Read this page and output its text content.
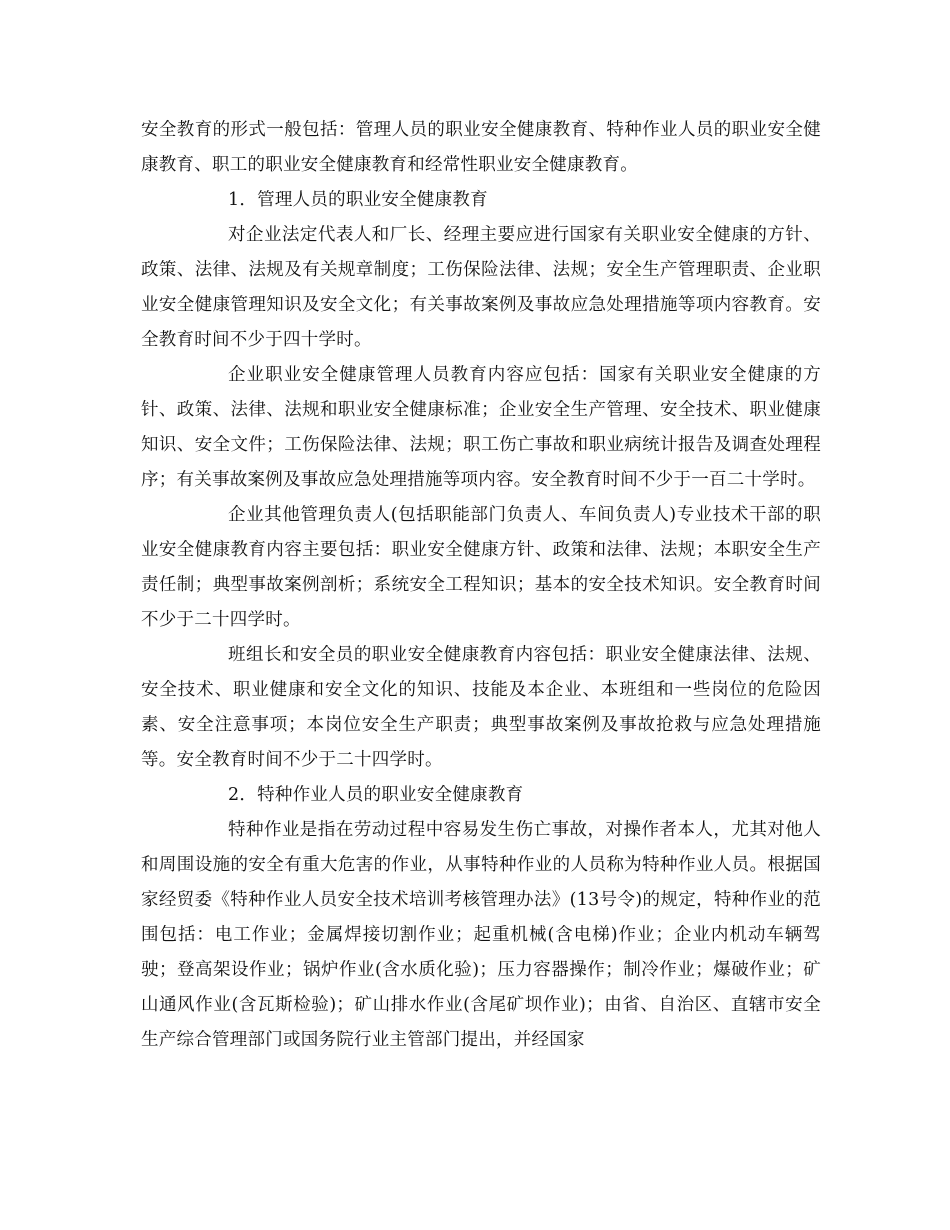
安全教育的形式一般包括：管理人员的职业安全健康教育、特种作业人员的职业安全健康教育、职工的职业安全健康教育和经常性职业安全健康教育。

1．管理人员的职业安全健康教育

对企业法定代表人和厂长、经理主要应进行国家有关职业安全健康的方针、政策、法律、法规及有关规章制度；工伤保险法律、法规；安全生产管理职责、企业职业安全健康管理知识及安全文化；有关事故案例及事故应急处理措施等项内容教育。安全教育时间不少于四十学时。

企业职业安全健康管理人员教育内容应包括：国家有关职业安全健康的方针、政策、法律、法规和职业安全健康标准；企业安全生产管理、安全技术、职业健康知识、安全文件；工伤保险法律、法规；职工伤亡事故和职业病统计报告及调查处理程序；有关事故案例及事故应急处理措施等项内容。安全教育时间不少于一百二十学时。

企业其他管理负责人(包括职能部门负责人、车间负责人)专业技术干部的职业安全健康教育内容主要包括：职业安全健康方针、政策和法律、法规；本职安全生产责任制；典型事故案例剖析；系统安全工程知识；基本的安全技术知识。安全教育时间不少于二十四学时。

班组长和安全员的职业安全健康教育内容包括：职业安全健康法律、法规、安全技术、职业健康和安全文化的知识、技能及本企业、本班组和一些岗位的危险因素、安全注意事项；本岗位安全生产职责；典型事故案例及事故抢救与应急处理措施等。安全教育时间不少于二十四学时。

2．特种作业人员的职业安全健康教育

特种作业是指在劳动过程中容易发生伤亡事故，对操作者本人，尤其对他人和周围设施的安全有重大危害的作业，从事特种作业的人员称为特种作业人员。根据国家经贸委《特种作业人员安全技术培训考核管理办法》(13号令)的规定，特种作业的范围包括：电工作业；金属焊接切割作业；起重机械(含电梯)作业；企业内机动车辆驾驶；登高架设作业；锅炉作业(含水质化验)；压力容器操作；制冷作业；爆破作业；矿山通风作业(含瓦斯检验)；矿山排水作业(含尾矿坝作业)；由省、自治区、直辖市安全生产综合管理部门或国务院行业主管部门提出，并经国家
